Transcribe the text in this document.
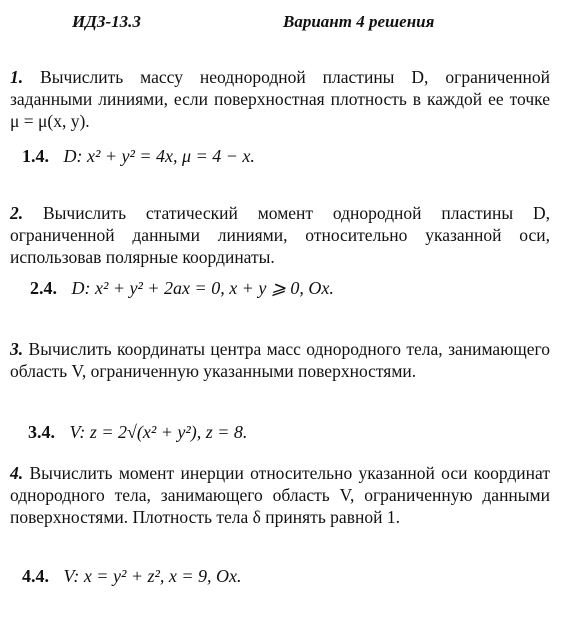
ИДЗ-13.3	Вариант 4 решения
1. Вычислить массу неоднородной пластины D, ограниченной заданными линиями, если поверхностная плотность в каждой ее точке μ = μ(x, y).
1.4. D: x² + y² = 4x, μ = 4 − x.
2. Вычислить статический момент однородной пластины D, ограниченной данными линиями, относительно указанной оси, использовав полярные координаты.
2.4. D: x² + y² + 2ax = 0, x + y ⩾ 0, Ox.
3. Вычислить координаты центра масс однородного тела, занимающего область V, ограниченную указанными поверхностями.
3.4. V: z = 2√(x² + y²), z = 8.
4. Вычислить момент инерции относительно указанной оси координат однородного тела, занимающего область V, ограниченную данными поверхностями. Плотность тела δ принять равной 1.
4.4. V: x = y² + z², x = 9, Ox.
